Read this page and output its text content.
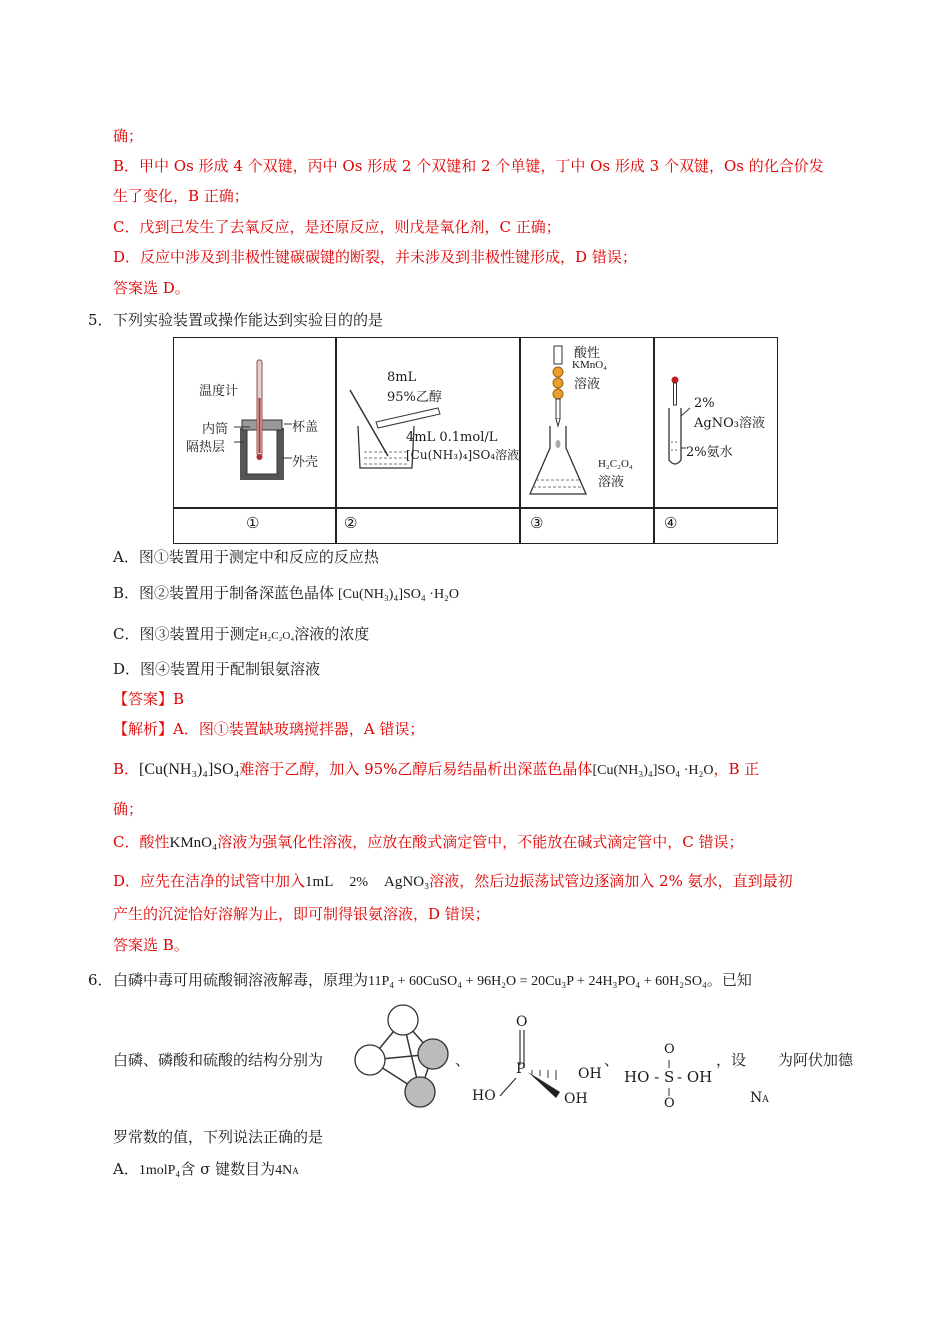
确；
B．甲中 Os 形成 4 个双键，丙中 Os 形成 2 个双键和 2 个单键，丁中 Os 形成 3 个双键，Os 的化合价发
生了变化，B 正确；
C．戊到己发生了去氧反应，是还原反应，则戊是氧化剂，C 正确；
D．反应中涉及到非极性键碳碳键的断裂，并未涉及到非极性键形成，D 错误；
答案选 D。
5． 下列实验装置或操作能达到实验目的的是
温度计
内筒
隔热层
杯盖
外壳
8mL
95%乙醇
4mL 0.1mol/L
[Cu(NH₃)₄]SO₄溶液
酸性
KMnO₄
溶液
H₂C₂O₄
溶液
2%
AgNO₃溶液
2%氨水
①	②	③	④
A．图①装置用于测定中和反应的反应热
B．图②装置用于制备深蓝色晶体 [Cu(NH₃)₄]SO₄ ·H₂O
C．图③装置用于测定H₂C₂O₄溶液的浓度
D．图④装置用于配制银氨溶液
【答案】B
【解析】A．图①装置缺玻璃搅拌器，A 错误；
B．[Cu(NH₃)₄]SO₄难溶于乙醇，加入 95%乙醇后易结晶析出深蓝色晶体[Cu(NH₃)₄]SO₄ ·H₂O，B 正
确；
C．酸性KMnO₄溶液为强氧化性溶液，应放在酸式滴定管中，不能放在碱式滴定管中，C 错误；
D．应先在洁净的试管中加入1mL 2% AgNO₃溶液，然后边振荡试管边逐滴加入 2% 氨水，直到最初
产生的沉淀恰好溶解为止，即可制得银氨溶液，D 错误；
答案选 B。
6． 白磷中毒可用硫酸铜溶液解毒，原理为11P₄ + 60CuSO₄ + 96H₂O = 20Cu₃P + 24H₃PO₄ + 60H₂SO₄。已知
白磷、磷酸和硫酸的结构分别为	、
O
P	OH
HO	OH
、
O
HO - S - OH
O
，设 为阿伏加德
NA
罗常数的值，下列说法正确的是
A．1molP₄含 σ 键数目为4NA
